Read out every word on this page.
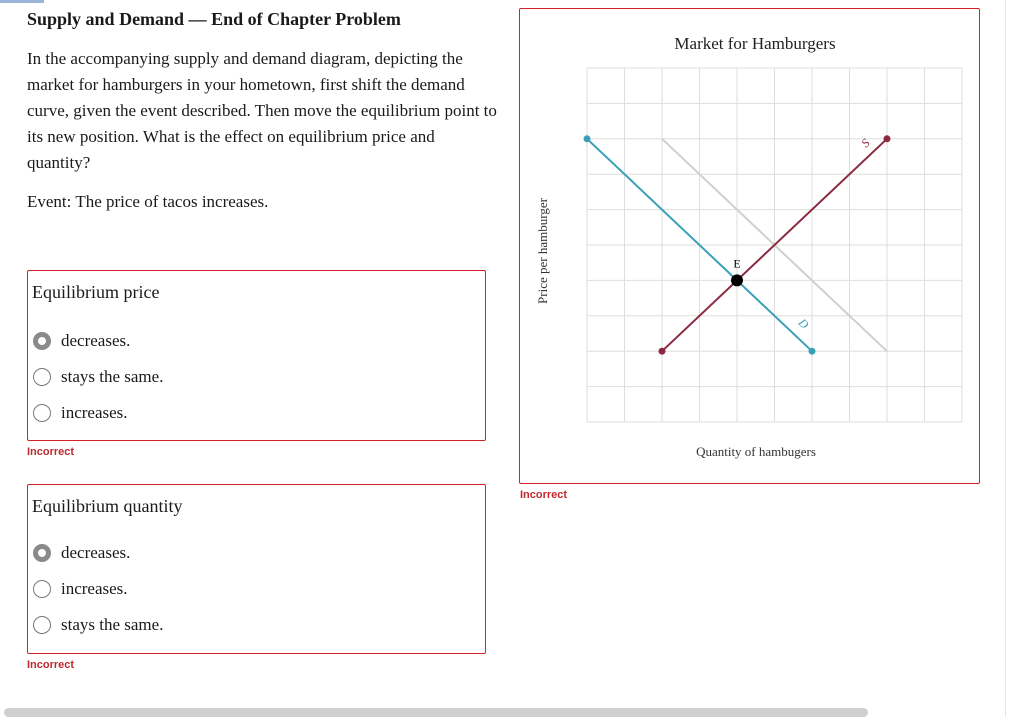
Supply and Demand — End of Chapter Problem

In the accompanying supply and demand diagram, depicting the market for hamburgers in your hometown, first shift the demand curve, given the event described. Then move the equilibrium point to its new position. What is the effect on equilibrium price and quantity?

Event: The price of tacos increases.

Equilibrium price
decreases.
stays the same.
increases.
Incorrect
Equilibrium quantity
decreases.
increases.
stays the same.
Incorrect
Market for Hamburgers
Quantity of hambugers
Price per hamburger
S
D
E
Incorrect
